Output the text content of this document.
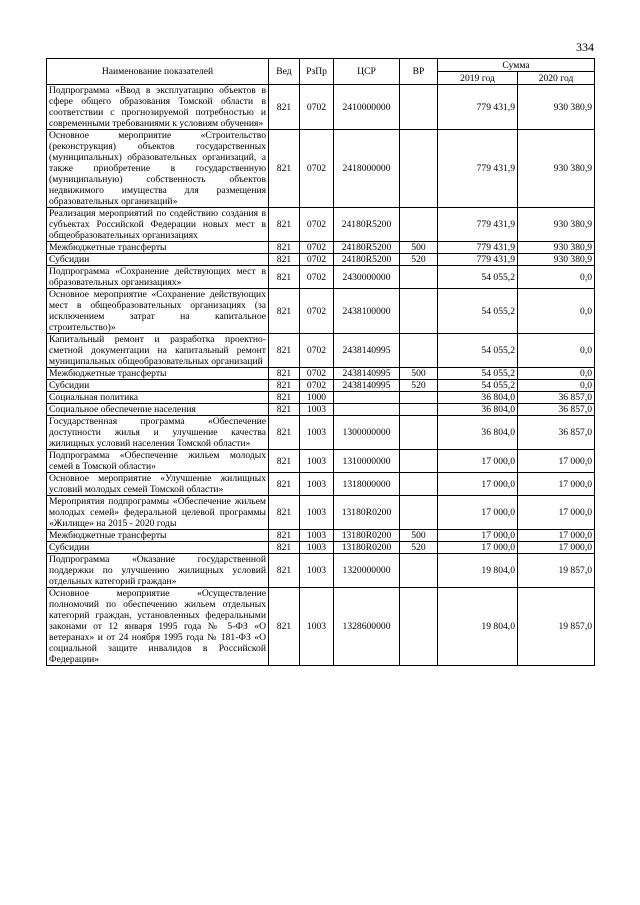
334
Наименование показателей	Вед	РзПр	ЦСР	ВР	Сумма	
					2019 год	2020 год
Подпрограмма «Ввод в эксплуатацию объектов в сфере общего образования Томской области в соответствии с прогнозируемой потребностью и современными требованиями к условиям обучения»	821	0702	2410000000		779 431,9	930 380,9
Основное мероприятие «Строительство (реконструкция) объектов государственных (муниципальных) образовательных организаций, а также приобретение в государственную (муниципальную) собственность объектов недвижимого имущества для размещения образовательных организаций»	821	0702	2418000000		779 431,9	930 380,9
Реализация мероприятий по содействию создания в субъектах Российской Федерации новых мест в общеобразовательных организациях	821	0702	24180R5200		779 431,9	930 380,9
Межбюджетные трансферты	821	0702	24180R5200	500	779 431,9	930 380,9
Субсидии	821	0702	24180R5200	520	779 431,9	930 380,9
Подпрограмма «Сохранение действующих мест в образовательных организациях»	821	0702	2430000000		54 055,2	0,0
Основное мероприятие «Сохранение действующих мест в общеобразовательных организациях (за исключением затрат на капитальное строительство)»	821	0702	2438100000		54 055,2	0,0
Капитальный ремонт и разработка проектно-сметной документации на капитальный ремонт муниципальных общеобразовательных организаций	821	0702	2438140995		54 055,2	0,0
Межбюджетные трансферты	821	0702	2438140995	500	54 055,2	0,0
Субсидии	821	0702	2438140995	520	54 055,2	0,0
Социальная политика	821	1000			36 804,0	36 857,0
Социальное обеспечение населения	821	1003			36 804,0	36 857,0
Государственная программа «Обеспечение доступности жилья и улучшение качества жилищных условий населения Томской области»	821	1003	1300000000		36 804,0	36 857,0
Подпрограмма «Обеспечение жильем молодых семей в Томской области»	821	1003	1310000000		17 000,0	17 000,0
Основное мероприятие «Улучшение жилищных условий молодых семей Томской области»	821	1003	1318000000		17 000,0	17 000,0
Мероприятия подпрограммы «Обеспечение жильем молодых семей» федеральной целевой программы «Жилище» на 2015 - 2020 годы	821	1003	13180R0200		17 000,0	17 000,0
Межбюджетные трансферты	821	1003	13180R0200	500	17 000,0	17 000,0
Субсидии	821	1003	13180R0200	520	17 000,0	17 000,0
Подпрограмма «Оказание государственной поддержки по улучшению жилищных условий отдельных категорий граждан»	821	1003	1320000000		19 804,0	19 857,0
Основное мероприятие «Осуществление полномочий по обеспечению жильем отдельных категорий граждан, установленных федеральными законами от 12 января 1995 года № 5-ФЗ «О ветеранах» и от 24 ноября 1995 года № 181-ФЗ «О социальной защите инвалидов в Российской Федерации»	821	1003	1328600000		19 804,0	19 857,0
